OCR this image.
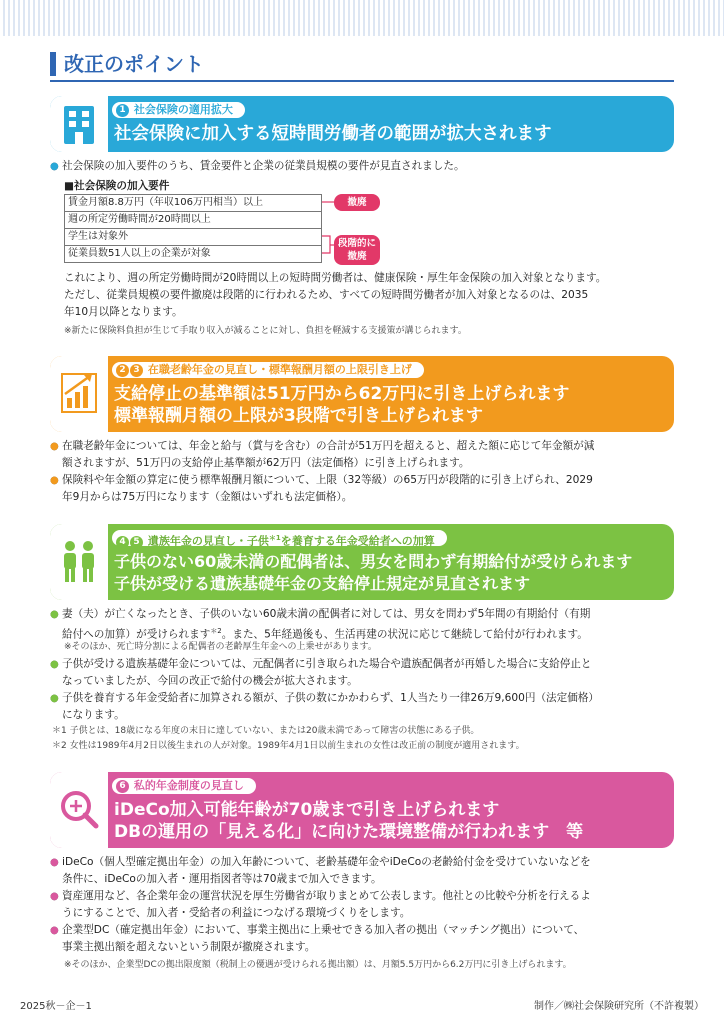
改正のポイント
1 社会保険の適用拡大
社会保険に加入する短時間労働者の範囲が拡大されます
● ● 社会保険の加入要件のうち、賃金要件と企業の従業員規模の要件が見直されました。
■社会保険の加入要件
賃金月額8.8万円（年収106万円相当）以上
週の所定労働時間が20時間以上
学生は対象外
従業員数51人以上の企業が対象
撤廃
段階的に撤廃
これにより、週の所定労働時間が20時間以上の短時間労働者は、健康保険・厚生年金保険の加入対象となります。
ただし、従業員規模の要件撤廃は段階的に行われるため、すべての短時間労働者が加入対象となるのは、2035
年10月以降となります。
※新たに保険料負担が生じて手取り収入が減ることに対し、負担を軽減する支援策が講じられます。
2 3 在職老齢年金の見直し・標準報酬月額の上限引き上げ
支給停止の基準額は51万円から62万円に引き上げられます
標準報酬月額の上限が3段階で引き上げられます
● ● 在職老齢年金については、年金と給与（賞与を含む）の合計が51万円を超えると、超えた額に応じて年金額が減
額されますが、51万円の支給停止基準額が62万円（法定価格）に引き上げられます。
● ● 保険料や年金額の算定に使う標準報酬月額について、上限（32等級）の65万円が段階的に引き上げられ、2029
年9月からは75万円になります（金額はいずれも法定価格）。
4 5 遺族年金の見直し・子供$^{*1}$を養育する年金受給者への加算
子供のない60歳未満の配偶者は、男女を問わず有期給付が受けられます
子供が受ける遺族基礎年金の支給停止規定が見直されます
● ● 妻（夫）が亡くなったとき、子供のいない60歳未満の配偶者に対しては、男女を問わず5年間の有期給付（有期
給付への加算）が受けられます$^{*2}$。また、5年経過後も、生活再建の状況に応じて継続して給付が行われます。
※そのほか、死亡時分割による配偶者の老齢厚生年金への上乗せがあります。
● ● 子供が受ける遺族基礎年金については、元配偶者に引き取られた場合や遺族配偶者が再婚した場合に支給停止と
なっていましたが、今回の改正で給付の機会が拡大されます。
● ● 子供を養育する年金受給者に加算される額が、子供の数にかかわらず、1人当たり一律26万9,600円（法定価格）
になります。
＊1 子供とは、18歳になる年度の末日に達していない、または20歳未満であって障害の状態にある子供。
＊2 女性は1989年4月2日以後生まれの人が対象。1989年4月1日以前生まれの女性は改正前の制度が適用されます。
6 私的年金制度の見直し
iDeCo加入可能年齢が70歳まで引き上げられます
DBの運用の「見える化」に向けた環境整備が行われます　等
● ● iDeCo（個人型確定拠出年金）の加入年齢について、老齢基礎年金やiDeCoの老齢給付金を受けていないなどを
条件に、iDeCoの加入者・運用指図者等は70歳まで加入できます。
● ● 資産運用など、各企業年金の運営状況を厚生労働省が取りまとめて公表します。他社との比較や分析を行えるよ
うにすることで、加入者・受給者の利益につなげる環境づくりをします。
● ● 企業型DC（確定拠出年金）において、事業主拠出に上乗せできる加入者の拠出（マッチング拠出）について、
事業主拠出額を超えないという制限が撤廃されます。
※そのほか、企業型DCの拠出限度額（税制上の優遇が受けられる拠出額）は、月額5.5万円から6.2万円に引き上げられます。
2025秋－企－1	制作／㈱社会保険研究所（不許複製）
